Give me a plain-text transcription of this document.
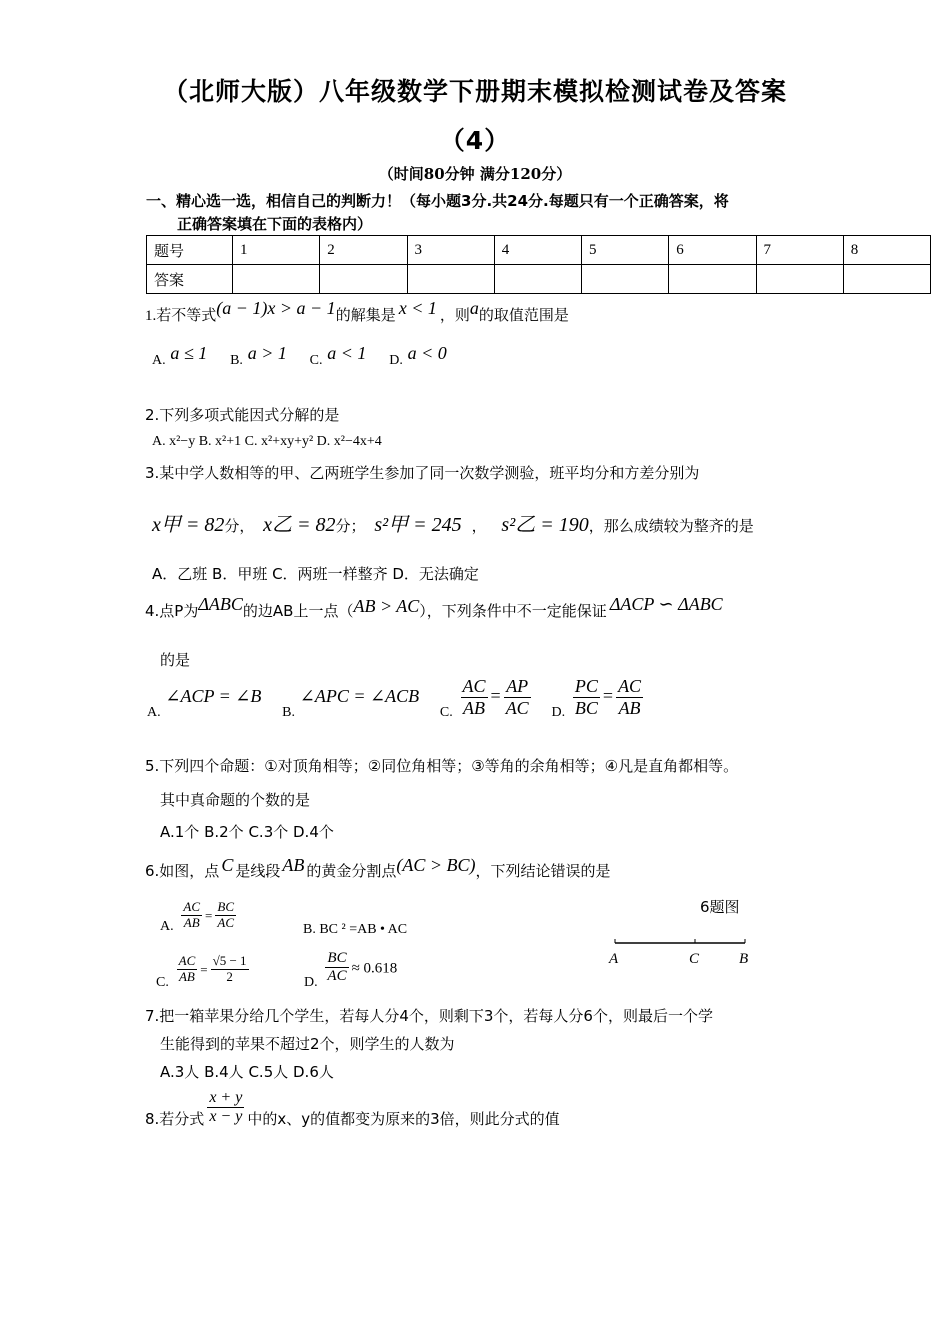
（北师大版）八年级数学下册期末模拟检测试卷及答案
（4）
（时间80分钟 满分120分）
一、精心选一选，相信自己的判断力！（每小题3分.共24分.每题只有一个正确答案，将
正确答案填在下面的表格内）
题号	1	2	3	4	5	6	7	8
答案								
1.若不等式(a − 1)x > a − 1的解集是 x < 1 ，则a的取值范围是
A. a ≤ 1 B. a > 1 C. a < 1 D. a < 0
2.下列多项式能因式分解的是
A. x²−y B. x²+1 C. x²+xy+y² D. x²−4x+4
3.某中学人数相等的甲、乙两班学生参加了同一次数学测验，班平均分和方差分别为
x甲 = 82分， x乙 = 82分； s²甲 = 245 ， s²乙 = 190，那么成绩较为整齐的是
A．乙班 B．甲班 C．两班一样整齐 D．无法确定
4.点P为ΔABC的边AB上一点（AB > AC），下列条件中不一定能保证 ΔACP ∽ ΔABC
的是
A. ∠ACP = ∠B B. ∠APC = ∠ACB C. $\frac{AC}{AB} = \frac{AP}{AC} D$. $\frac{PC}{BC} = \frac{AC}{AB}$
5.下列四个命题：①对顶角相等；②同位角相等；③等角的余角相等；④凡是直角都相等。
其中真命题的个数的是
A.1个 B.2个 C.3个 D.4个
6.如图，点 C 是线段 AB 的黄金分割点(AC > BC)，下列结论错误的是
6题图
A	C	B
A. $\frac{AC}{AB} = \frac{BC}{AC}$	B. BC ² =AB • AC
C. $\frac{AC}{AB} = \frac{√5 - 1}{2}$	D. $\frac{BC}{AC} \approx 0.618$
7.把一箱苹果分给几个学生，若每人分4个，则剩下3个，若每人分6个，则最后一个学
生能得到的苹果不超过2个，则学生的人数为
A.3人 B.4人 C.5人 D.6人
8.若分式 $\frac{x + y}{x - y}$ 中的x、y的值都变为原来的3倍，则此分式的值
